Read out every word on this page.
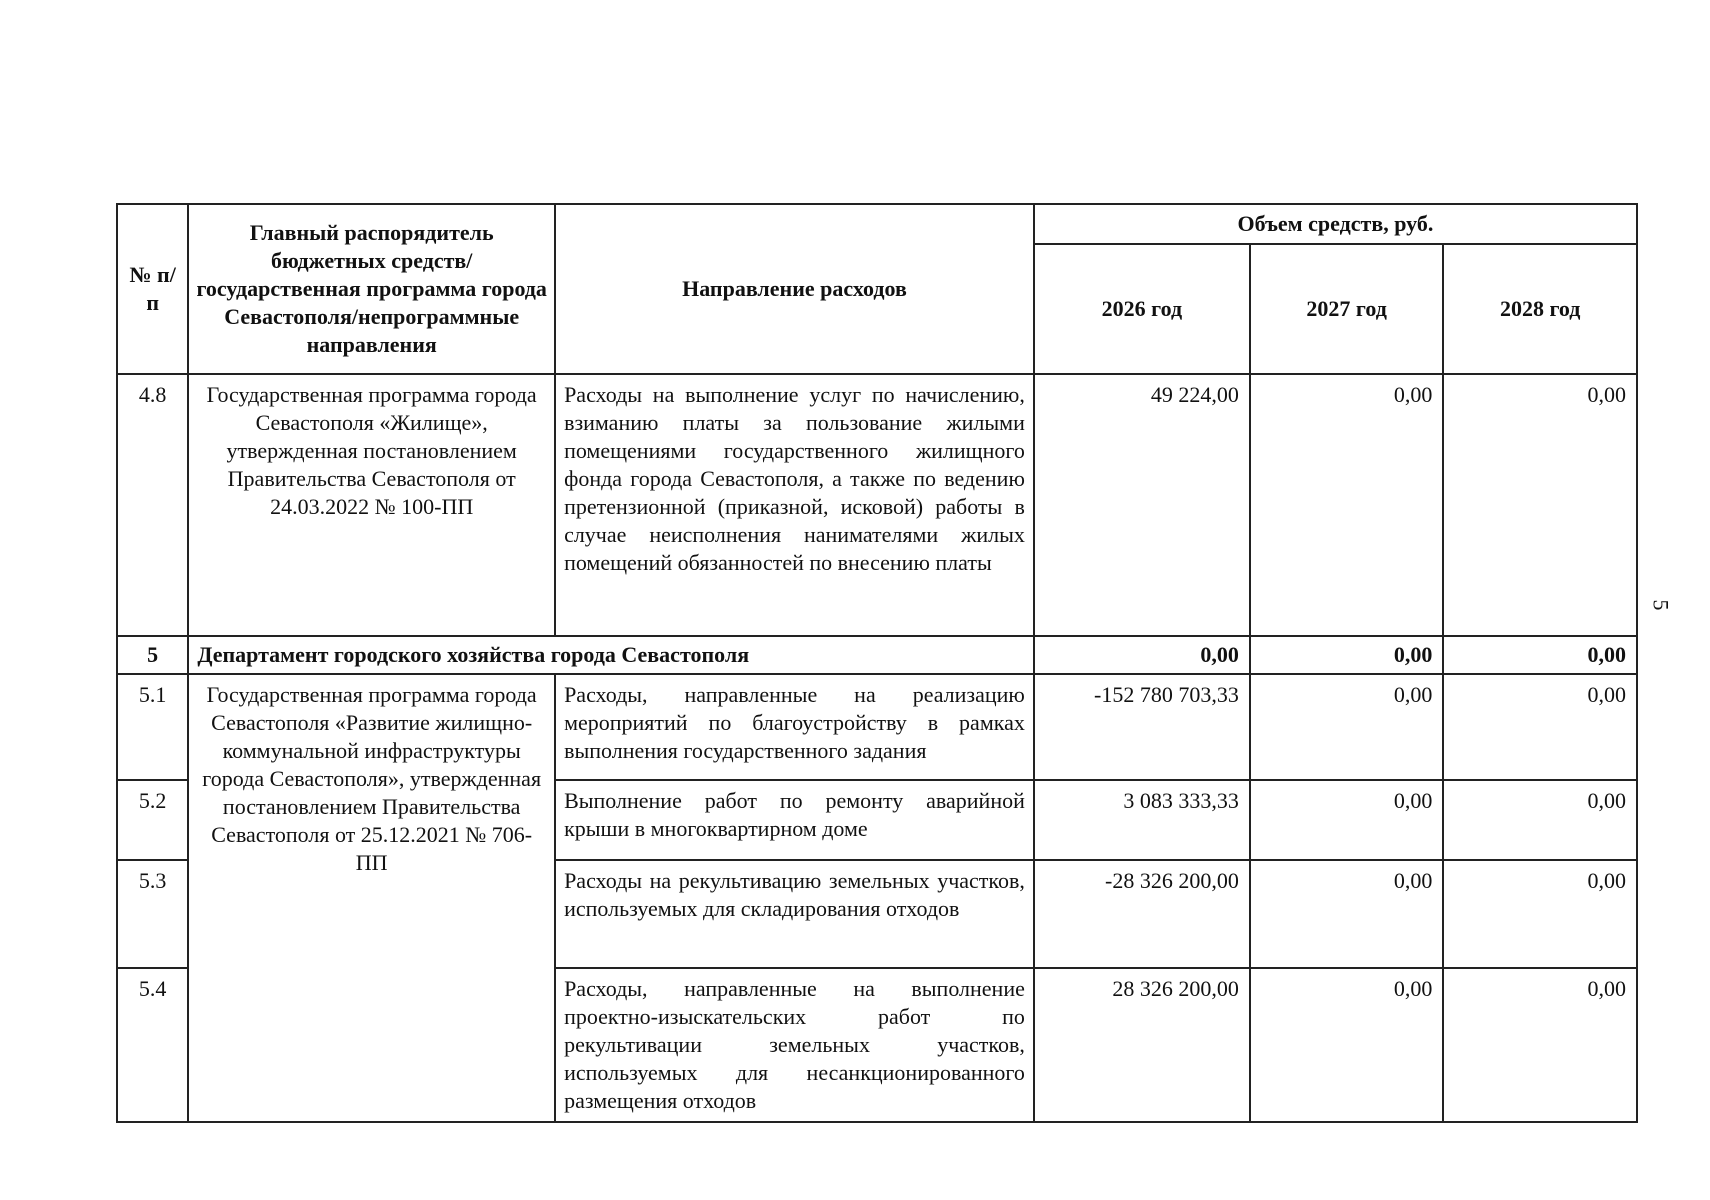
5
№ п/п	Главный распорядитель бюджетных средств/государственная программа города Севастополя/непрограммные направления	Направление расходов	Объем средств, руб.		
			2026 год	2027 год	2028 год
4.8	Государственная программа города Севастополя «Жилище», утвержденная постановлением Правительства Севастополя от 24.03.2022 № 100-ПП	Расходы на выполнение услуг по начислению, взиманию платы за пользование жилыми помещениями государственного жилищного фонда города Севастополя, а также по ведению претензионной (приказной, исковой) работы в случае неисполнения нанимателями жилых помещений обязанностей по внесению платы	49 224,00	0,00	0,00
5	Департамент городского хозяйства города Севастополя		0,00	0,00	0,00
5.1	Государственная программа города Севастополя «Развитие жилищно-коммунальной инфраструктуры города Севастополя», утвержденная постановлением Правительства Севастополя от 25.12.2021 № 706-ПП	Расходы, направленные на реализацию мероприятий по благоустройству в рамках выполнения государственного задания	-152 780 703,33	0,00	0,00
5.2		Выполнение работ по ремонту аварийной крыши в многоквартирном доме	3 083 333,33	0,00	0,00
5.3		Расходы на рекультивацию земельных участков, используемых для складирования отходов	-28 326 200,00	0,00	0,00
5.4		Расходы, направленные на выполнение проектно-изыскательских работ по рекультивации земельных участков, используемых для несанкционированного размещения отходов	28 326 200,00	0,00	0,00
